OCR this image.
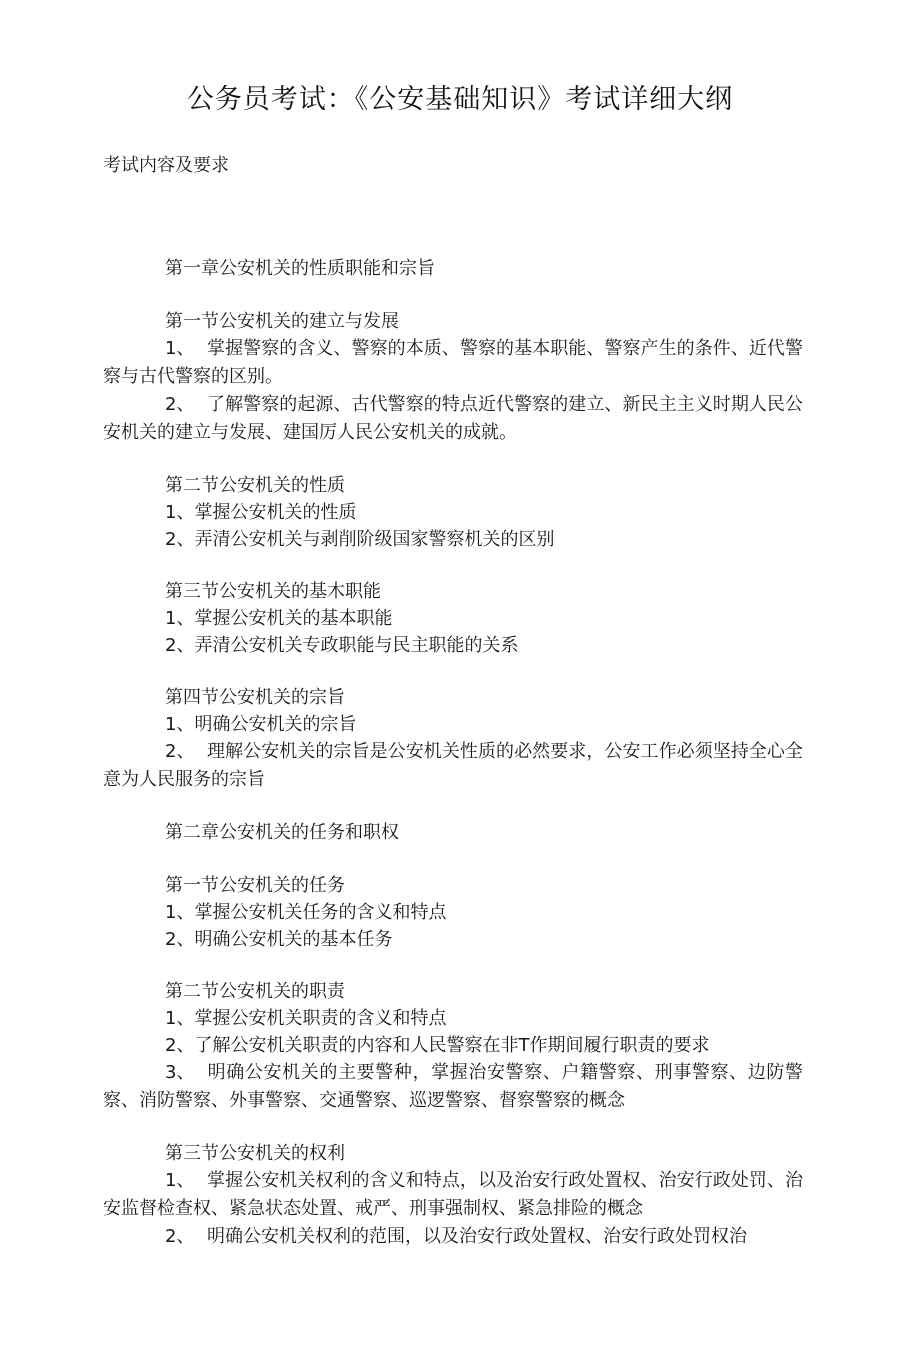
公务员考试：《公安基础知识》考试详细大纲
考试内容及要求
第一章公安机关的性质职能和宗旨
第一节公安机关的建立与发展
1、 掌握警察的含义、警察的本质、警察的基本职能、警察产生的条件、近代警察与古代警察的区别。
2、 了解警察的起源、古代警察的特点近代警察的建立、新民主主义时期人民公安机关的建立与发展、建国厉人民公安机关的成就。
第二节公安机关的性质
1、掌握公安机关的性质
2、弄清公安机关与剥削阶级国家警察机关的区别
第三节公安机关的基木职能
1、掌握公安机关的基本职能
2、弄清公安机关专政职能与民主职能的关系
第四节公安机关的宗旨
1、明确公安机关的宗旨
2、 理解公安机关的宗旨是公安机关性质的必然要求，公安工作必须坚持全心全意为人民服务的宗旨
第二章公安机关的任务和职权
第一节公安机关的任务
1、掌握公安机关任务的含义和特点
2、明确公安机关的基本任务
第二节公安机关的职责
1、掌握公安机关职责的含义和特点
2、了解公安机关职责的内容和人民警察在非T作期间履行职责的要求
3、 明确公安机关的主要警种，掌握治安警察、户籍警察、刑事警察、边防警察、消防警察、外事警察、交通警察、巡逻警察、督察警察的概念
第三节公安机关的权利
1、 掌握公安机关权利的含义和特点，以及治安行政处置权、治安行政处罚、治安监督检查权、紧急状态处置、戒严、刑事强制权、紧急排险的概念
2、 明确公安机关权利的范围，以及治安行政处置权、治安行政处罚权治
